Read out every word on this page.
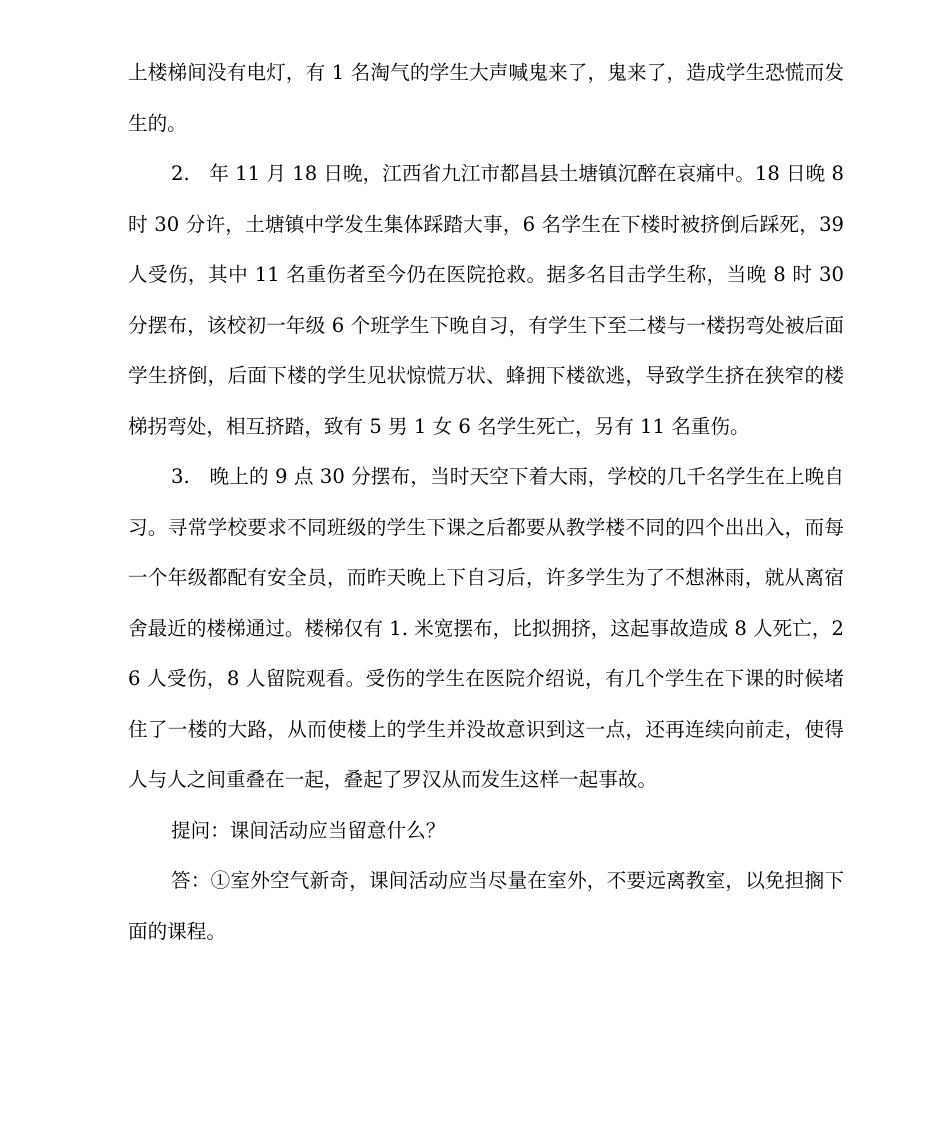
上楼梯间没有电灯，有 1 名淘气的学生大声喊鬼来了，鬼来了，造成学生恐慌而发生的。

2.　年 11 月 18 日晚，江西省九江市都昌县土塘镇沉醉在哀痛中。18 日晚 8 时 30 分许，土塘镇中学发生集体踩踏大事，6 名学生在下楼时被挤倒后踩死，39 人受伤，其中 11 名重伤者至今仍在医院抢救。据多名目击学生称，当晚 8 时 30 分摆布，该校初一年级 6 个班学生下晚自习，有学生下至二楼与一楼拐弯处被后面学生挤倒，后面下楼的学生见状惊慌万状、蜂拥下楼欲逃，导致学生挤在狭窄的楼梯拐弯处，相互挤踏，致有 5 男 1 女 6 名学生死亡，另有 11 名重伤。

3.　晚上的 9 点 30 分摆布，当时天空下着大雨，学校的几千名学生在上晚自习。寻常学校要求不同班级的学生下课之后都要从教学楼不同的四个出出入，而每一个年级都配有安全员，而昨天晚上下自习后，许多学生为了不想淋雨，就从离宿舍最近的楼梯通过。楼梯仅有 1. 米宽摆布，比拟拥挤，这起事故造成 8 人死亡，26 人受伤，8 人留院观看。受伤的学生在医院介绍说，有几个学生在下课的时候堵住了一楼的大路，从而使楼上的学生并没故意识到这一点，还再连续向前走，使得人与人之间重叠在一起，叠起了罗汉从而发生这样一起事故。

提问：课间活动应当留意什么？

答：①室外空气新奇，课间活动应当尽量在室外，不要远离教室，以免担搁下面的课程。
